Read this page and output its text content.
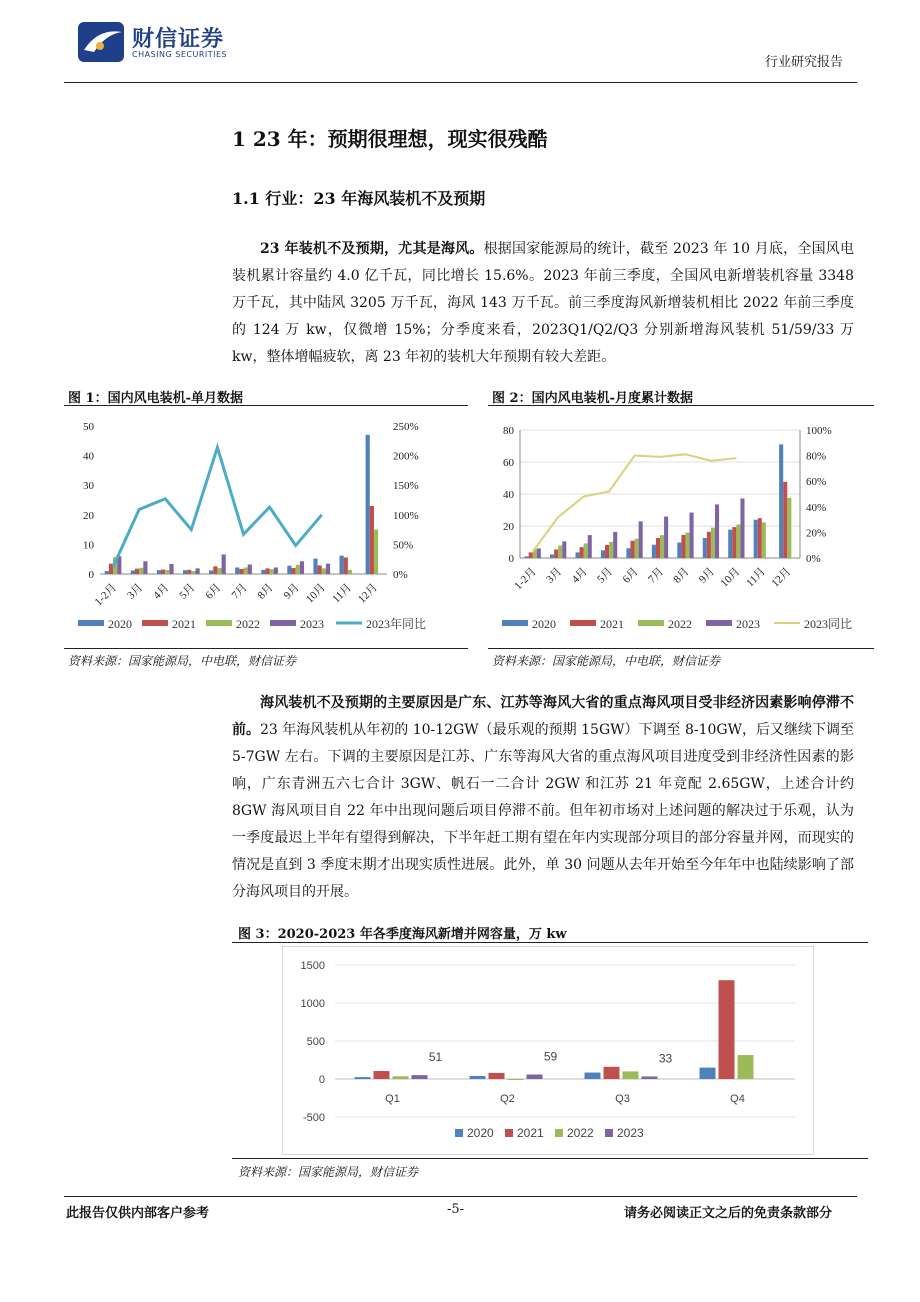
财信证券
CHASING SECURITIES
行业研究报告
1 23 年：预期很理想，现实很残酷
1.1 行业：23 年海风装机不及预期

23 年装机不及预期，尤其是海风。根据国家能源局的统计，截至 2023 年 10 月底，全国风电装机累计容量约 4.0 亿千瓦，同比增长 15.6%。2023 年前三季度，全国风电新增装机容量 3348 万千瓦，其中陆风 3205 万千瓦，海风 143 万千瓦。前三季度海风新增装机相比 2022 年前三季度的 124 万 kw，仅微增 15%；分季度来看，2023Q1/Q2/Q3 分别新增海风装机 51/59/33 万 kw，整体增幅疲软，离 23 年初的装机大年预期有较大差距。

图 1：国内风电装机-单月数据
0
10
20
30
40
50
0%
50%
100%
150%
200%
250%
1-2月 3月 4月 5月 6月 7月 8月 9月 10月 11月 12月
2020	2021	2022	2023	2023年同比
资料来源：国家能源局，中电联，财信证券
图 2：国内风电装机-月度累计数据
0
20
40
60
80
0%
20%
40%
60%
80%
100%
1-2月 3月 4月 5月 6月 7月 8月 9月 10月 11月 12月
2020	2021	2022	2023	2023同比
资料来源：国家能源局，中电联，财信证券

海风装机不及预期的主要原因是广东、江苏等海风大省的重点海风项目受非经济因素影响停滞不前。23 年海风装机从年初的 10-12GW（最乐观的预期 15GW）下调至 8-10GW，后又继续下调至 5-7GW 左右。下调的主要原因是江苏、广东等海风大省的重点海风项目进度受到非经济性因素的影响，广东青洲五六七合计 3GW、帆石一二合计 2GW 和江苏 21 年竞配 2.65GW，上述合计约 8GW 海风项目自 22 年中出现问题后项目停滞不前。但年初市场对上述问题的解决过于乐观，认为一季度最迟上半年有望得到解决，下半年赶工期有望在年内实现部分项目的部分容量并网，而现实的情况是直到 3 季度末期才出现实质性进展。此外，单 30 问题从去年开始至今年年中也陆续影响了部分海风项目的开展。

图 3：2020-2023 年各季度海风新增并网容量，万 kw
-500
0
500
1000
1500
51
Q1
59
Q2
33
Q3	Q4
2020 2021 2022 2023
资料来源：国家能源局，财信证券
此报告仅供内部客户参考	-5-	请务必阅读正文之后的免责条款部分
